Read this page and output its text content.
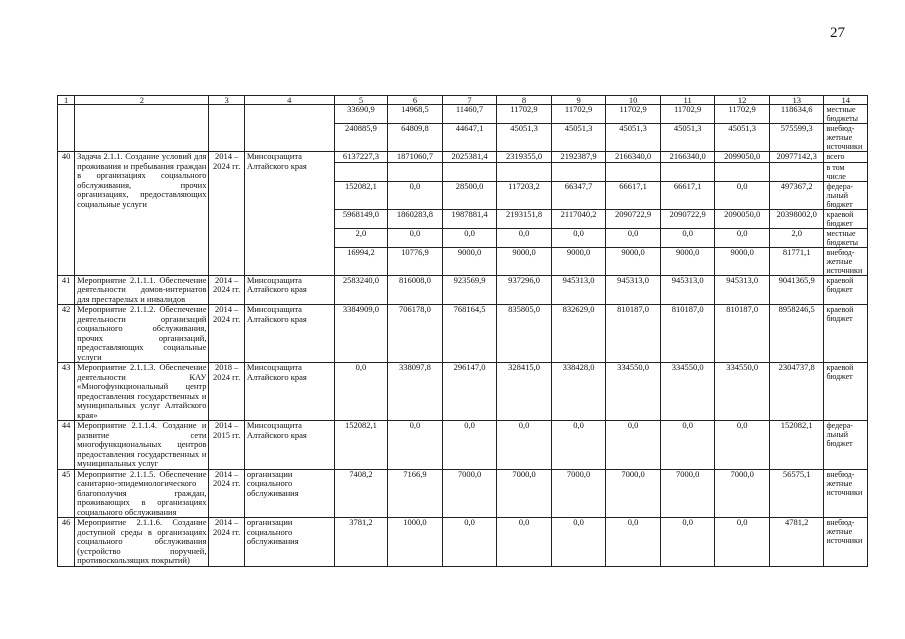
27
1	2	3	4	5	6	7	8	9	10	11	12	13	14
				33690,9	14968,5	11460,7	11702,9	11702,9	11702,9	11702,9	11702,9	118634,6	местные бюджеты
				240885,9	64809,8	44647,1	45051,3	45051,3	45051,3	45051,3	45051,3	575599,3	внебюд-жетные источники
40	Задача 2.1.1. Создание условий для проживания и пребывания граждан в организациях социального обслуживания, прочих организациях, предоставляющих социальные услуги	2014 – 2024 гг.	Минсоцзащита Алтайского края	6137227,3	1871060,7	2025381,4	2319355,0	2192387,9	2166340,0	2166340,0	2099050,0	20977142,3	всего
													в том числе
				152082,1	0,0	28500,0	117203,2	66347,7	66617,1	66617,1	0,0	497367,2	федера-льный бюджет
				5968149,0	1860283,8	1987881,4	2193151,8	2117040,2	2090722,9	2090722,9	2090050,0	20398002,0	краевой бюджет
				2,0	0,0	0,0	0,0	0,0	0,0	0,0	0,0	2,0	местные бюджеты
				16994,2	10776,9	9000,0	9000,0	9000,0	9000,0	9000,0	9000,0	81771,1	внебюд-жетные источники
41	Мероприятие 2.1.1.1. Обеспечение деятельности домов-интернатов для престарелых и инвалидов	2014 – 2024 гг.	Минсоцзащита Алтайского края	2583240,0	816008,0	923569,9	937296,0	945313,0	945313,0	945313,0	945313,0	9041365,9	краевой бюджет
42	Мероприятие 2.1.1.2. Обеспечение деятельности организаций социального обслуживания, прочих организаций, предоставляющих социальные услуги	2014 – 2024 гг.	Минсоцзащита Алтайского края	3384909,0	706178,0	768164,5	835805,0	832629,0	810187,0	810187,0	810187,0	8958246,5	краевой бюджет
43	Мероприятие 2.1.1.3. Обеспечение деятельности КАУ «Многофункциональный центр предоставления государственных и муниципальных услуг Алтайского края»	2018 – 2024 гг.	Минсоцзащита Алтайского края	0,0	338097,8	296147,0	328415,0	338428,0	334550,0	334550,0	334550,0	2304737,8	краевой бюджет
44	Мероприятие 2.1.1.4. Создание и развитие сети многофункциональных центров предоставления государственных и муниципальных услуг	2014 – 2015 гг.	Минсоцзащита Алтайского края	152082,1	0,0	0,0	0,0	0,0	0,0	0,0	0,0	152082,1	федера-льный бюджет
45	Мероприятие 2.1.1.5. Обеспечение санитарно-эпидемиологического благополучия граждан, проживающих в организациях социального обслуживания	2014 – 2024 гг.	организации социального обслуживания	7408,2	7166,9	7000,0	7000,0	7000,0	7000,0	7000,0	7000,0	56575,1	внебюд-жетные источники
46	Мероприятие 2.1.1.6. Создание доступной среды в организациях социального обслуживания (устройство поручней, противоскользящих покрытий)	2014 – 2024 гг.	организации социального обслуживания	3781,2	1000,0	0,0	0,0	0,0	0,0	0,0	0,0	4781,2	внебюд-жетные источники
